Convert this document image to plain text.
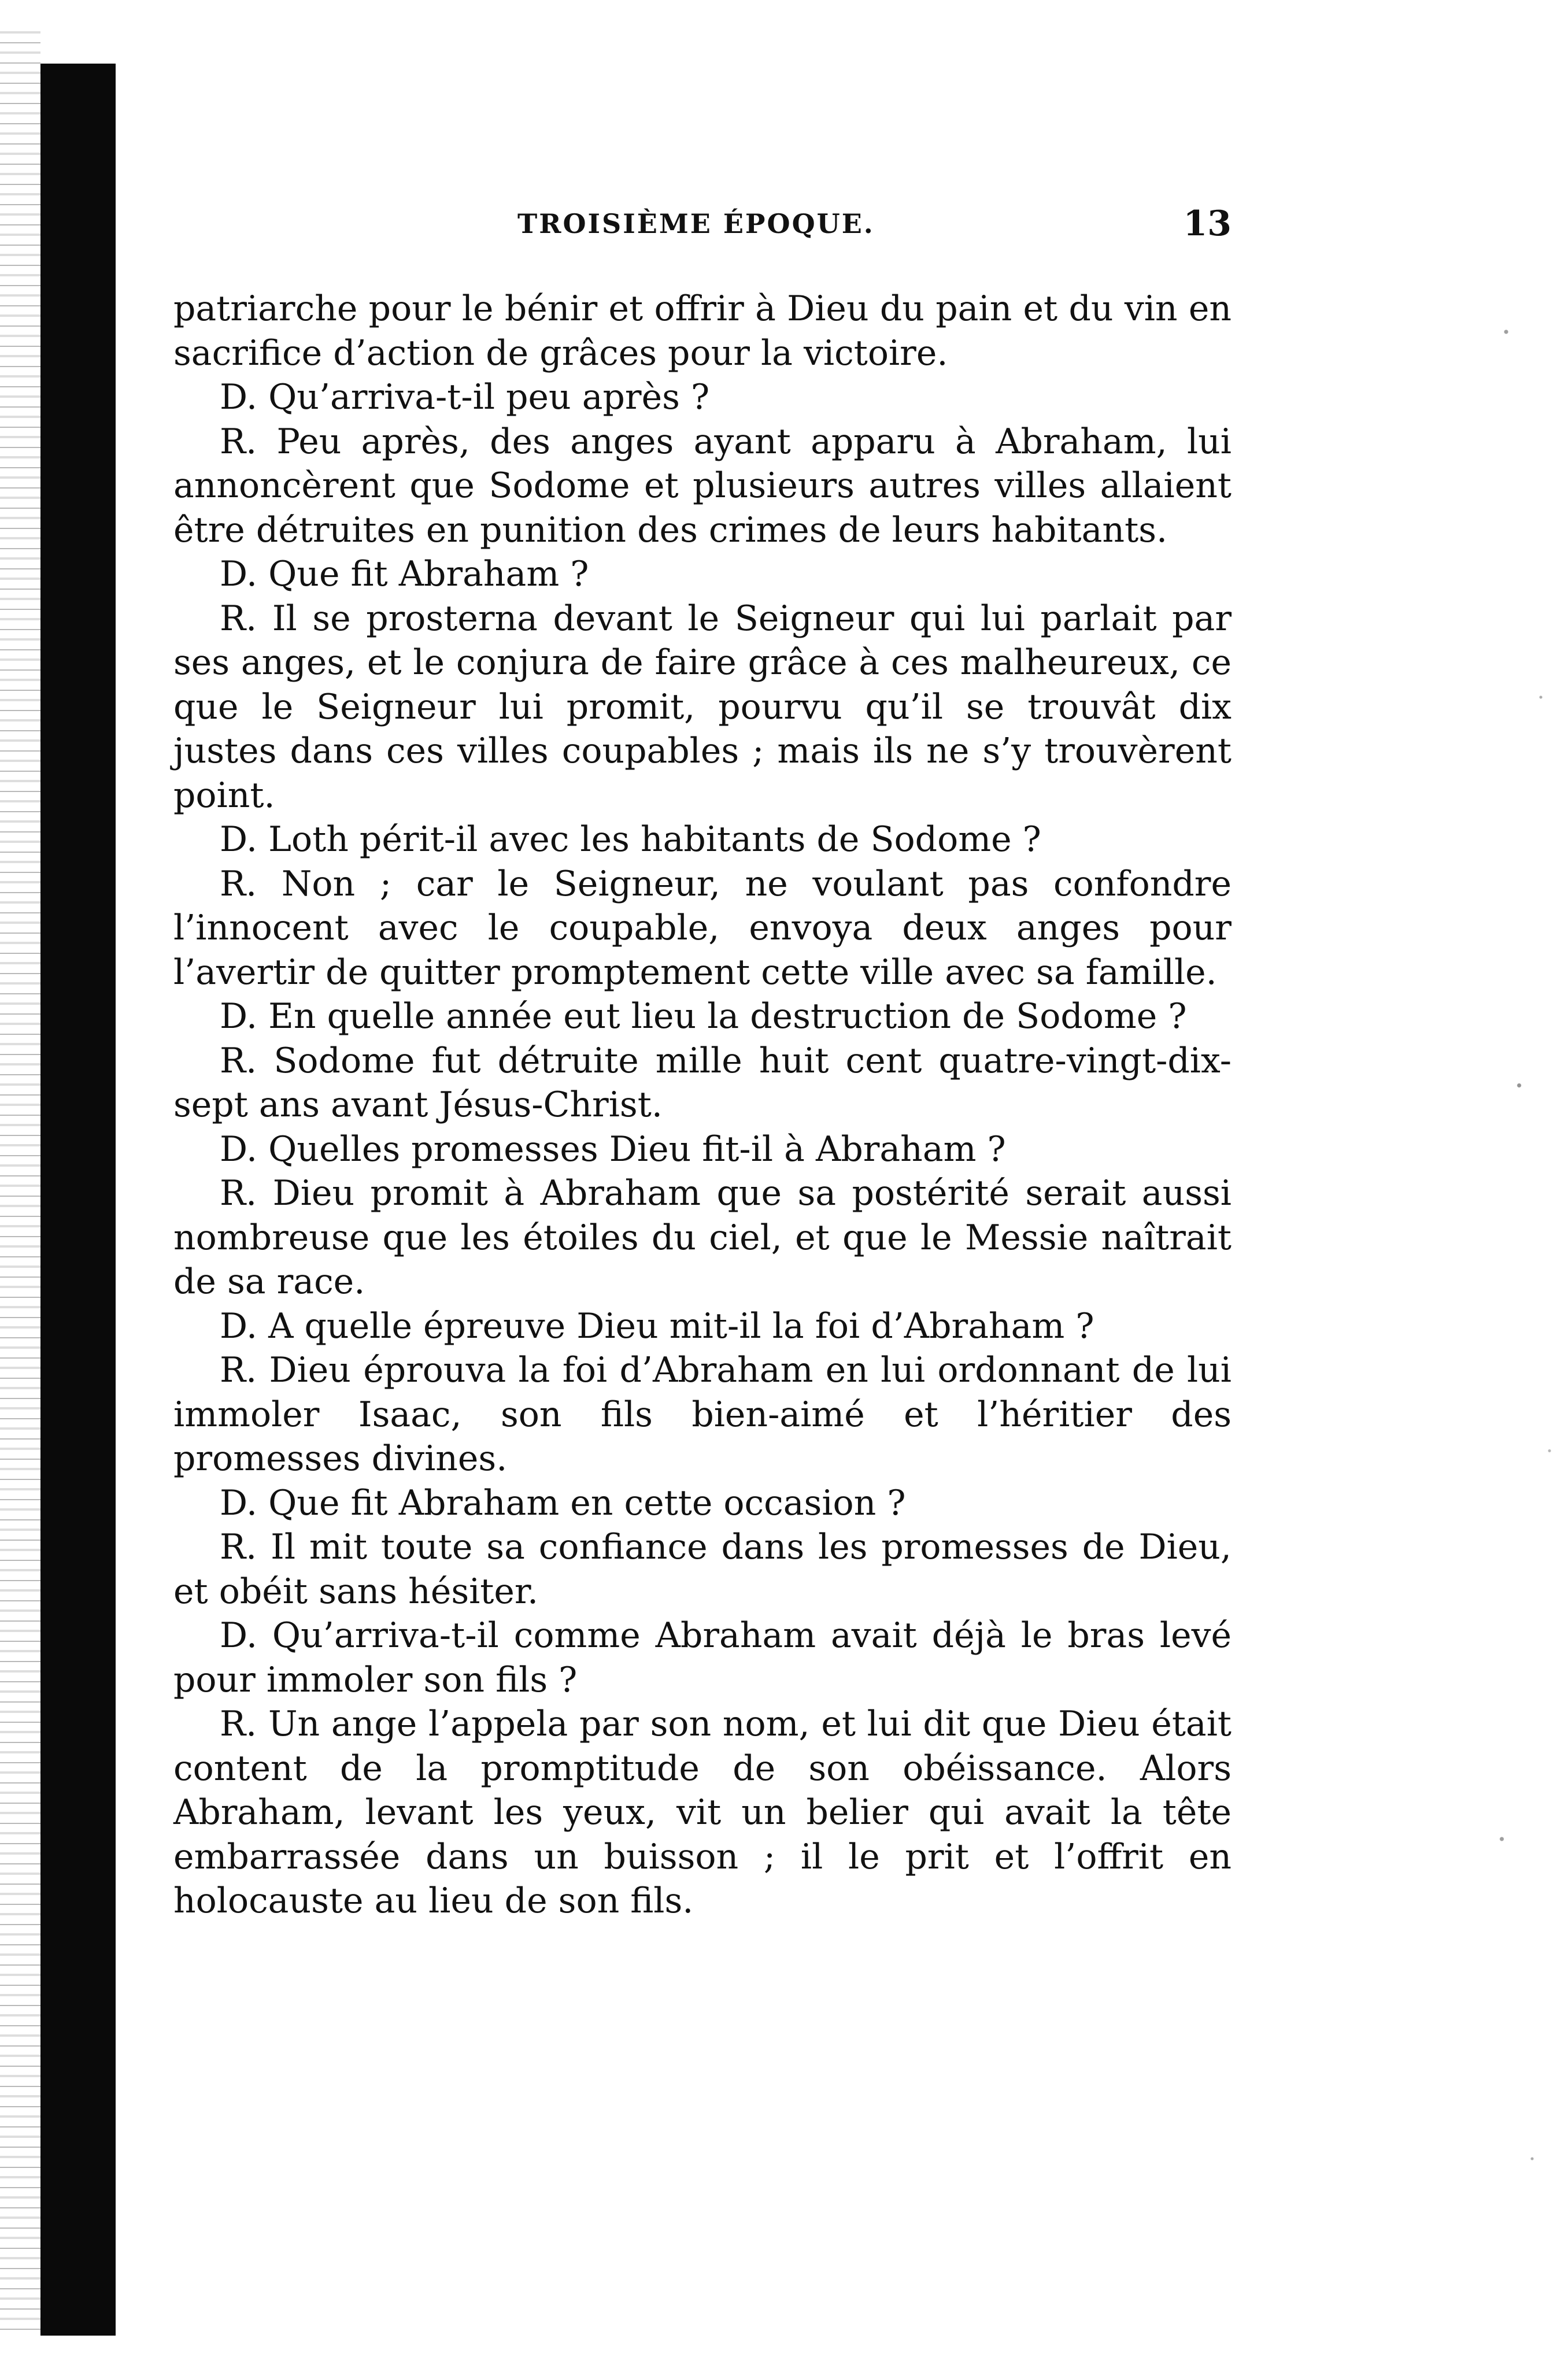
TROISIÈME ÉPOQUE.	13

patriarche pour le bénir et offrir à Dieu du pain et du vin en sacrifice d’action de grâces pour la victoire.

D. Qu’arriva-t-il peu après ?

R. Peu après, des anges ayant apparu à Abraham, lui annoncèrent que Sodome et plusieurs autres villes allaient être détruites en punition des crimes de leurs habitants.

D. Que fit Abraham ?

R. Il se prosterna devant le Seigneur qui lui parlait par ses anges, et le conjura de faire grâce à ces malheureux, ce que le Seigneur lui promit, pourvu qu’il se trouvât dix justes dans ces villes coupables ; mais ils ne s’y trouvèrent point.

D. Loth périt-il avec les habitants de Sodome ?

R. Non ; car le Seigneur, ne voulant pas confondre l’innocent avec le coupable, envoya deux anges pour l’avertir de quitter promptement cette ville avec sa famille.

D. En quelle année eut lieu la destruction de Sodome ?

R. Sodome fut détruite mille huit cent quatre-vingt-dix-sept ans avant Jésus-Christ.

D. Quelles promesses Dieu fit-il à Abraham ?

R. Dieu promit à Abraham que sa postérité serait aussi nombreuse que les étoiles du ciel, et que le Messie naîtrait de sa race.

D. A quelle épreuve Dieu mit-il la foi d’Abraham ?

R. Dieu éprouva la foi d’Abraham en lui ordonnant de lui immoler Isaac, son fils bien-aimé et l’héritier des promesses divines.

D. Que fit Abraham en cette occasion ?

R. Il mit toute sa confiance dans les promesses de Dieu, et obéit sans hésiter.

D. Qu’arriva-t-il comme Abraham avait déjà le bras levé pour immoler son fils ?

R. Un ange l’appela par son nom, et lui dit que Dieu était content de la promptitude de son obéissance. Alors Abraham, levant les yeux, vit un belier qui avait la tête embarrassée dans un buisson ; il le prit et l’offrit en holocauste au lieu de son fils.
